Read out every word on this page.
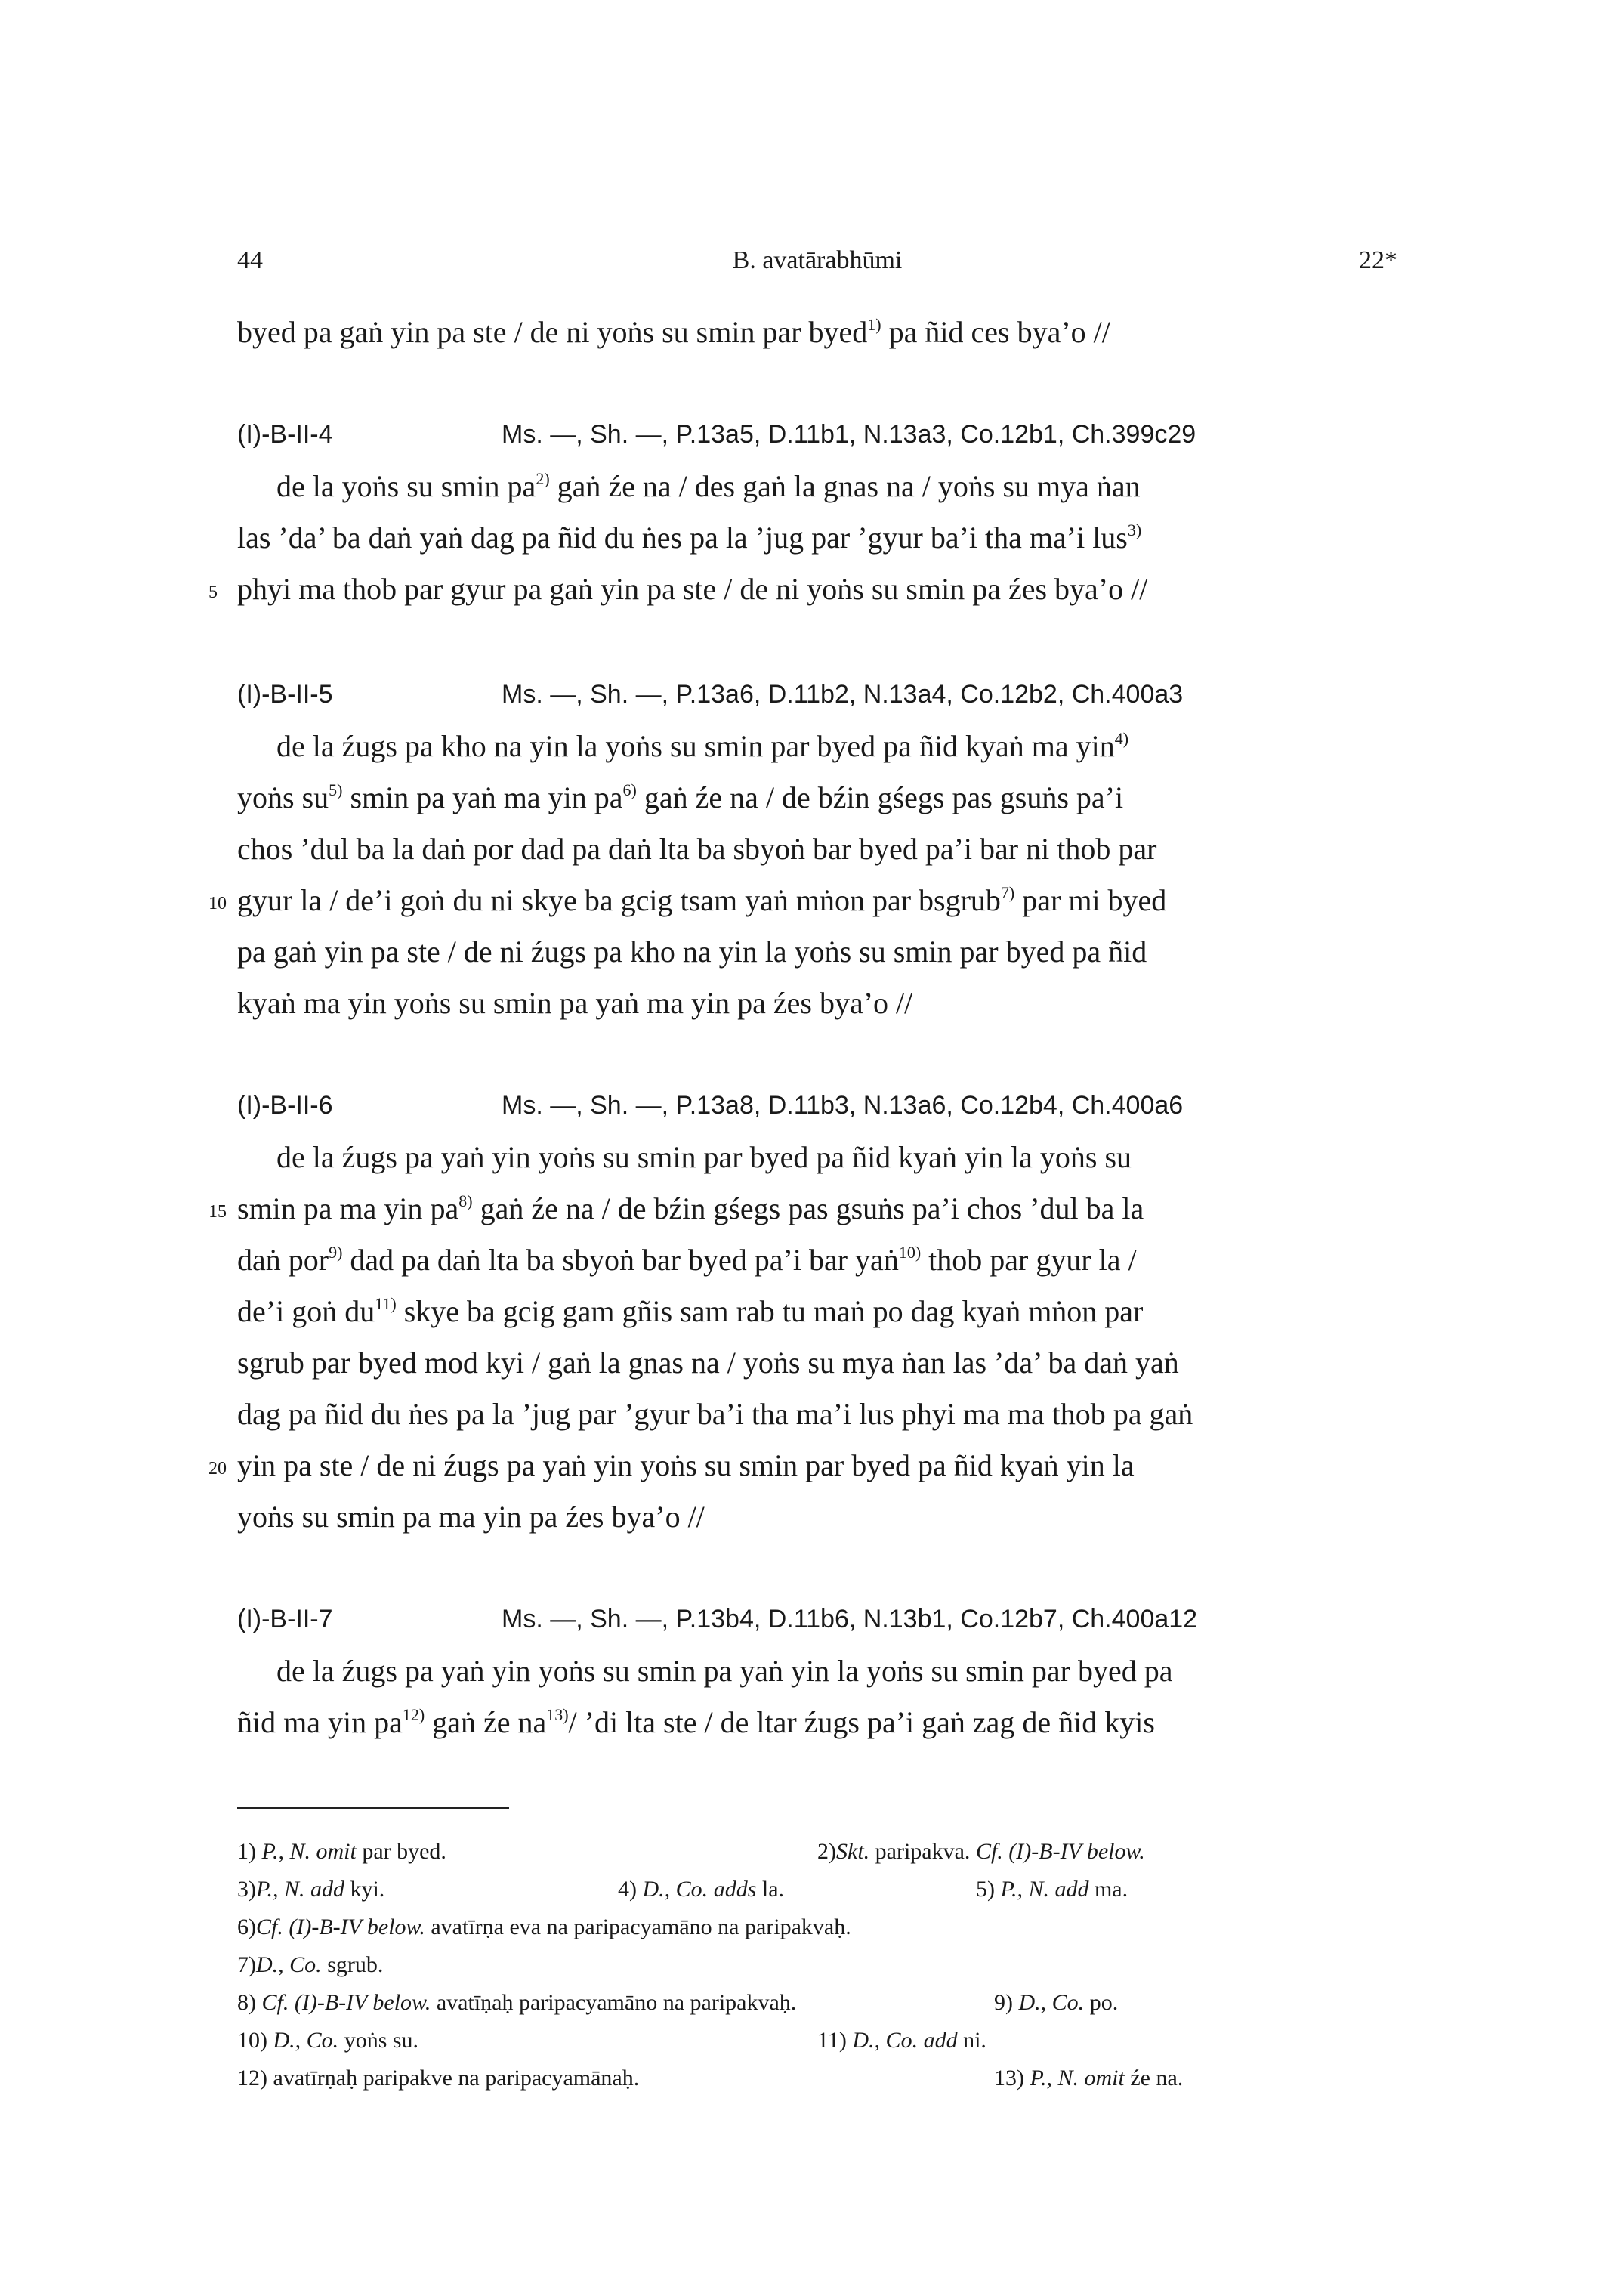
44	B. avatārabhūmi	22*
byed pa gaṅ yin pa ste / de ni yoṅs su smin par byed$^{1)}$ pa ñid ces bya’o //
(I)-B-II-4	Ms. —, Sh. —, P.13a5, D.11b1, N.13a3, Co.12b1, Ch.399c29
de la yoṅs su smin $pa^{2)}$ gaṅ źe na / des gaṅ la gnas na / yoṅs su mya ṅan
las ’da’ ba daṅ yaṅ dag pa ñid du ṅes pa la ’jug par ’gyur ba’i tha ma’i lus$^{3)}$
5 phyi ma thob par gyur pa gaṅ yin pa ste / de ni yoṅs su smin pa źes bya’o //
(I)-B-II-5	Ms. —, Sh. —, P.13a6, D.11b2, N.13a4, Co.12b2, Ch.400a3
de la źugs pa kho na yin la yoṅs su smin par byed pa ñid kyaṅ ma yin$^{4)}$
yoṅs $su^{5)}$ smin pa yaṅ ma yin $pa^{6)}$ gaṅ źe na / de bźin gśegs pas gsuṅs pa’i
chos ’dul ba la daṅ por dad pa daṅ lta ba sbyoṅ bar byed pa’i bar ni thob par
10 gyur la / de’i goṅ du ni skye ba gcig tsam yaṅ mṅon par bsgrub$^{7)}$ par mi byed
pa gaṅ yin pa ste / de ni źugs pa kho na yin la yoṅs su smin par byed pa ñid
kyaṅ ma yin yoṅs su smin pa yaṅ ma yin pa źes bya’o //
(I)-B-II-6	Ms. —, Sh. —, P.13a8, D.11b3, N.13a6, Co.12b4, Ch.400a6
de la źugs pa yaṅ yin yoṅs su smin par byed pa ñid kyaṅ yin la yoṅs su
15 smin pa ma yin $pa^{8)}$ gaṅ źe na / de bźin gśegs pas gsuṅs pa’i chos ’dul ba la
daṅ por$^{9)}$ dad pa daṅ lta ba sbyoṅ bar byed pa’i bar yaṅ$^{10)}$ thob par gyur la /
de’i goṅ $du^{11)}$ skye ba gcig gam gñis sam rab tu maṅ po dag kyaṅ mṅon par
sgrub par byed mod kyi / gaṅ la gnas na / yoṅs su mya ṅan las ’da’ ba daṅ yaṅ
dag pa ñid du ṅes pa la ’jug par ’gyur ba’i tha ma’i lus phyi ma ma thob pa gaṅ
20 yin pa ste / de ni źugs pa yaṅ yin yoṅs su smin par byed pa ñid kyaṅ yin la
yoṅs su smin pa ma yin pa źes bya’o //
(I)-B-II-7	Ms. —, Sh. —, P.13b4, D.11b6, N.13b1, Co.12b7, Ch.400a12
de la źugs pa yaṅ yin yoṅs su smin pa yaṅ yin la yoṅs su smin par byed pa
ñid ma yin $pa^{12)}$ gaṅ źe $na^{13)}/$ ’di lta ste / de ltar źugs pa’i gaṅ zag de ñid kyis
1) P., N. omit par byed.	2)Skt. paripakva. Cf. (I)-B-IV below.
3)P., N. add kyi.	4) D., Co. adds la.	5) P., N. add ma.
6)Cf. (I)-B-IV below. avatīrṇa eva na paripacyamāno na paripakvaḥ.
7)D., Co. sgrub.
8) Cf. (I)-B-IV below. avatīṇaḥ paripacyamāno na paripakvaḥ.	9) D., Co. po.
10) D., Co. yoṅs su.	11) D., Co. add ni.
12) avatīrṇaḥ paripakve na paripacyamānaḥ.	13) P., N. omit źe na.
